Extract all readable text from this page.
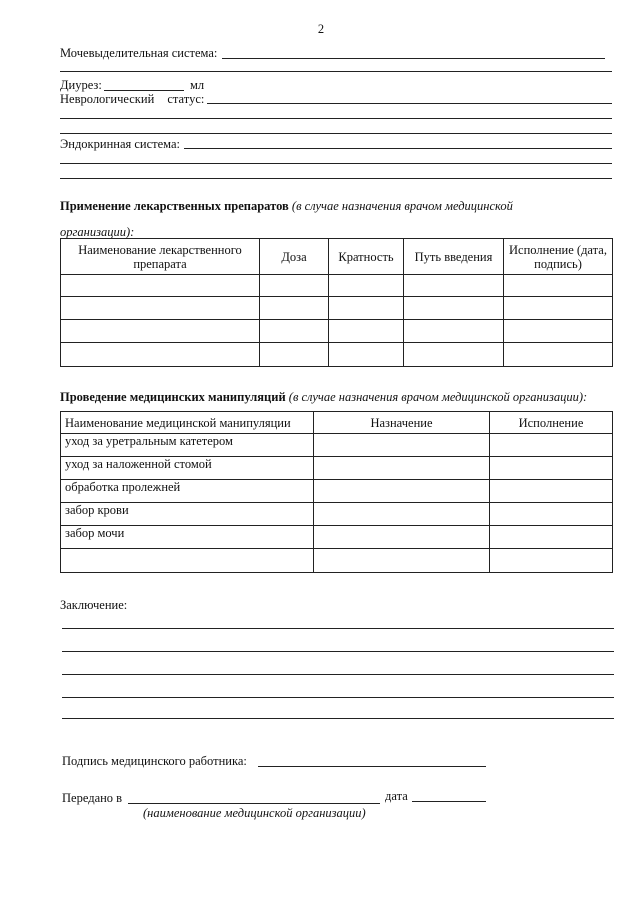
2
Мочевыделительная система:
Диурез:	мл
Неврологический статус:
Эндокринная система:
Применение лекарственных препаратов (в случае назначения врачом медицинской организации):
Наименование лекарственного препарата	Доза	Кратность	Путь введения	Исполнение (дата, подпись)

Проведение медицинских манипуляций (в случае назначения врачом медицинской организации):
Наименование медицинской манипуляции	Назначение	Исполнение
уход за уретральным катетером		
уход за наложенной стомой		
обработка пролежней		
забор крови		
забор мочи		

Заключение:
Подпись медицинского работника:
Передано в	дата
(наименование медицинской организации)
